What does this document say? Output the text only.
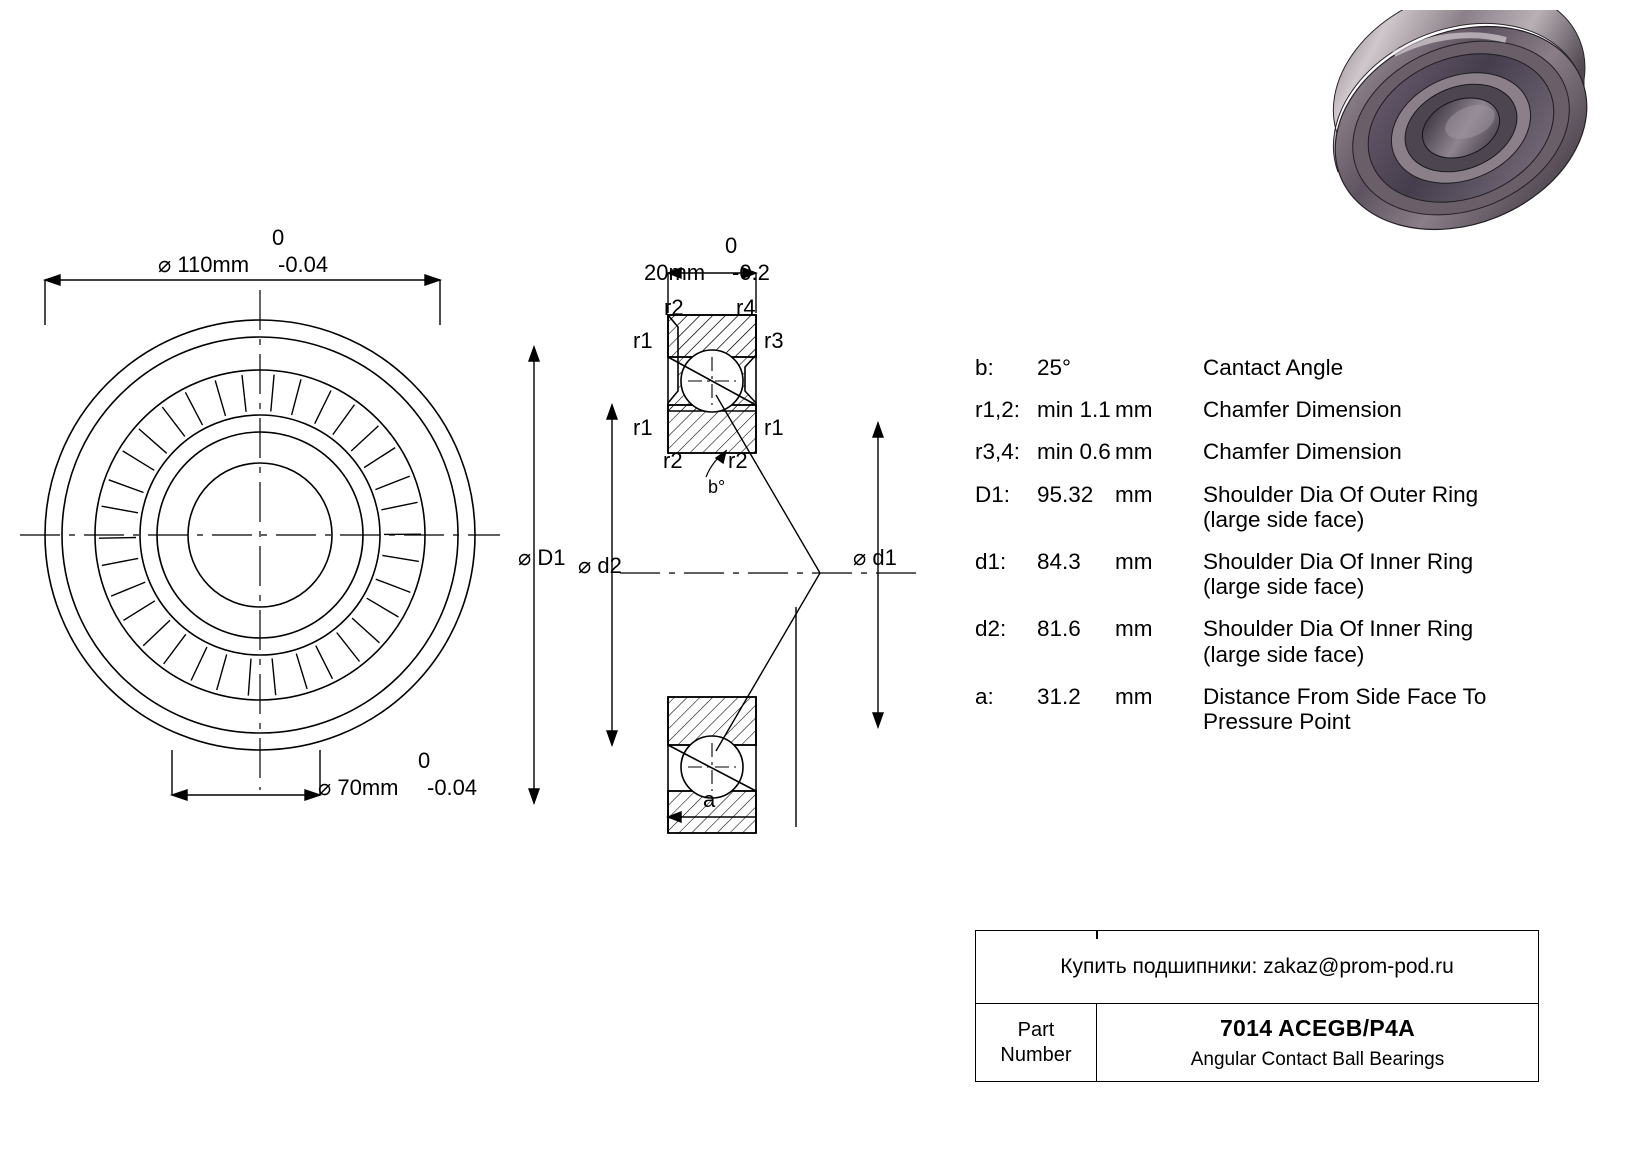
0
⌀ 110mm -0.04
0
⌀ 70mm -0.04
0
20mm -0.2
r2 r4
r1	r3
r1	r1
r2 r2
b°
⌀ D1 ⌀ d2	⌀ d1
a
b:	25°		Cantact Angle

r1,2:	min 1.1	mm	Chamfer Dimension

r3,4:	min 0.6	mm	Chamfer Dimension

D1:	95.32	mm	Shoulder Dia Of Outer Ring
(large side face)

d1:	84.3	mm	Shoulder Dia Of Inner Ring
(large side face)

d2:	81.6	mm	Shoulder Dia Of Inner Ring
(large side face)

a:	31.2	mm	Distance From Side Face To
Pressure Point
Купить подшипники: zakaz@prom-pod.ru
Part
Number
7014 ACEGB/P4A
Angular Contact Ball Bearings
